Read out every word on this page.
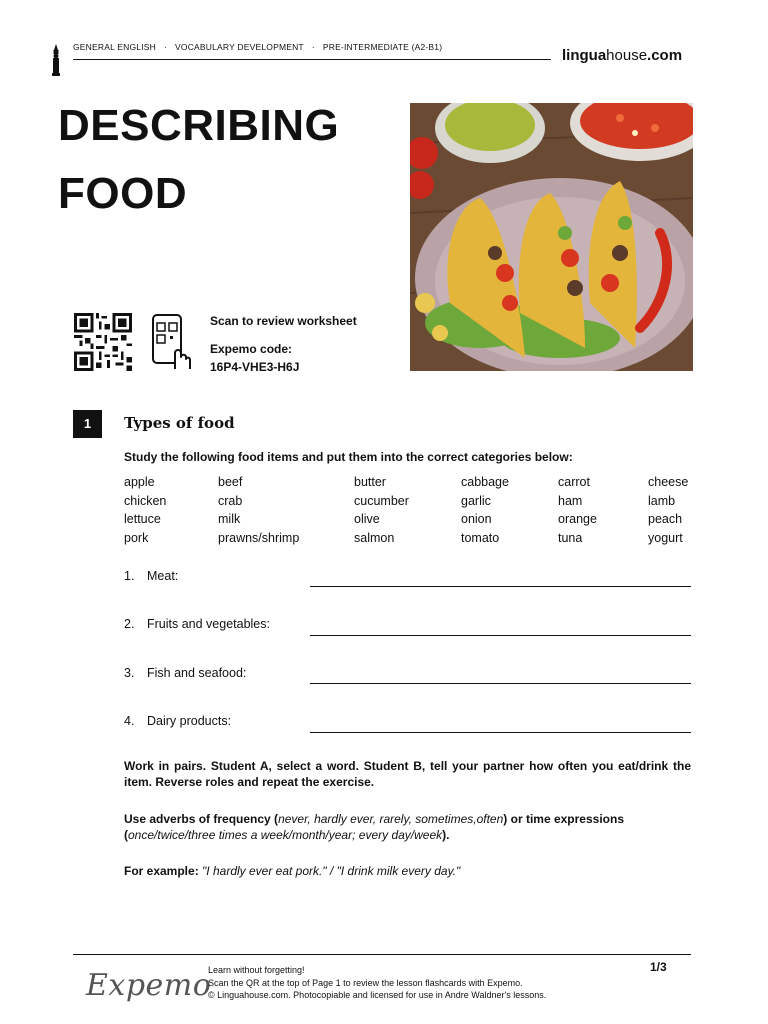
GENERAL ENGLISH · VOCABULARY DEVELOPMENT · PRE-INTERMEDIATE (A2-B1)	linguahouse.com
DESCRIBING
FOOD
Scan to review worksheet
Expemo code:
16P4-VHE3-H6J
1	Types of food
Study the following food items and put them into the correct categories below:
apple	beef	butter	cabbage	carrot	cheese
chicken	crab	cucumber	garlic	ham	lamb
lettuce	milk	olive	onion	orange	peach
pork	prawns/shrimp	salmon	tomato	tuna	yogurt
1. Meat:
2. Fruits and vegetables:
3. Fish and seafood:
4. Dairy products:
Work in pairs. Student A, select a word. Student B, tell your partner how often you eat/drink the item. Reverse roles and repeat the exercise.
Use adverbs of frequency (never, hardly ever, rarely, sometimes,often) or time expressions
(once/twice/three times a week/month/year; every day/week).
For example: "I hardly ever eat pork." / "I drink milk every day."
Expemo
Learn without forgetting!
Scan the QR at the top of Page 1 to review the lesson flashcards with Expemo.
© Linguahouse.com. Photocopiable and licensed for use in Andre Waldner's lessons.
1/3
